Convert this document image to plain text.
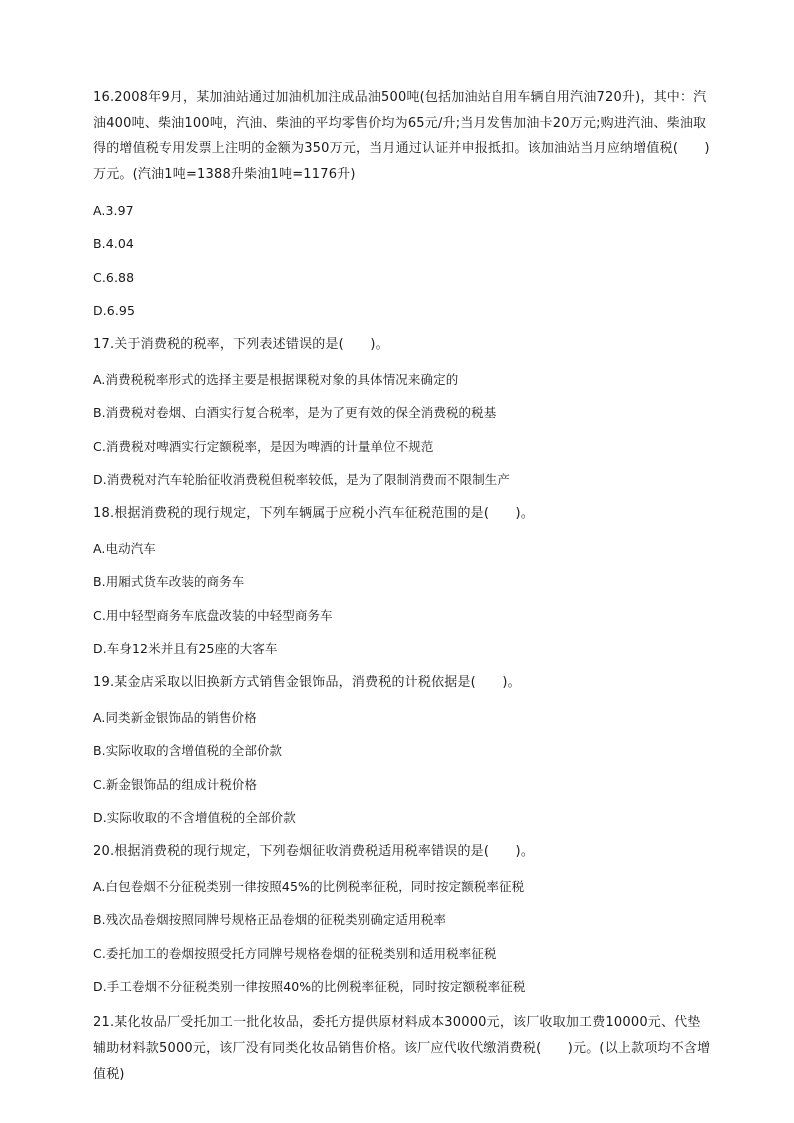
16.2008年9月，某加油站通过加油机加注成品油500吨(包括加油站自用车辆自用汽油720升)，其中：汽油400吨、柴油100吨，汽油、柴油的平均零售价均为65元/升;当月发售加油卡20万元;购进汽油、柴油取得的增值税专用发票上注明的金额为350万元，当月通过认证并申报抵扣。该加油站当月应纳增值税(　　)万元。(汽油1吨=1388升柴油1吨=1176升)

A.3.97

B.4.04

C.6.88

D.6.95

17.关于消费税的税率，下列表述错误的是(　　)。

A.消费税税率形式的选择主要是根据课税对象的具体情况来确定的

B.消费税对卷烟、白酒实行复合税率，是为了更有效的保全消费税的税基

C.消费税对啤酒实行定额税率，是因为啤酒的计量单位不规范

D.消费税对汽车轮胎征收消费税但税率较低，是为了限制消费而不限制生产

18.根据消费税的现行规定，下列车辆属于应税小汽车征税范围的是(　　)。

A.电动汽车

B.用厢式货车改装的商务车

C.用中轻型商务车底盘改装的中轻型商务车

D.车身12米并且有25座的大客车

19.某金店采取以旧换新方式销售金银饰品，消费税的计税依据是(　　)。

A.同类新金银饰品的销售价格

B.实际收取的含增值税的全部价款

C.新金银饰品的组成计税价格

D.实际收取的不含增值税的全部价款

20.根据消费税的现行规定，下列卷烟征收消费税适用税率错误的是(　　)。

A.白包卷烟不分征税类别一律按照45%的比例税率征税，同时按定额税率征税

B.残次品卷烟按照同牌号规格正品卷烟的征税类别确定适用税率

C.委托加工的卷烟按照受托方同牌号规格卷烟的征税类别和适用税率征税

D.手工卷烟不分征税类别一律按照40%的比例税率征税，同时按定额税率征税

21.某化妆品厂受托加工一批化妆品，委托方提供原材料成本30000元，该厂收取加工费10000元、代垫辅助材料款5000元，该厂没有同类化妆品销售价格。该厂应代收代缴消费税(　　)元。(以上款项均不含增值税)
